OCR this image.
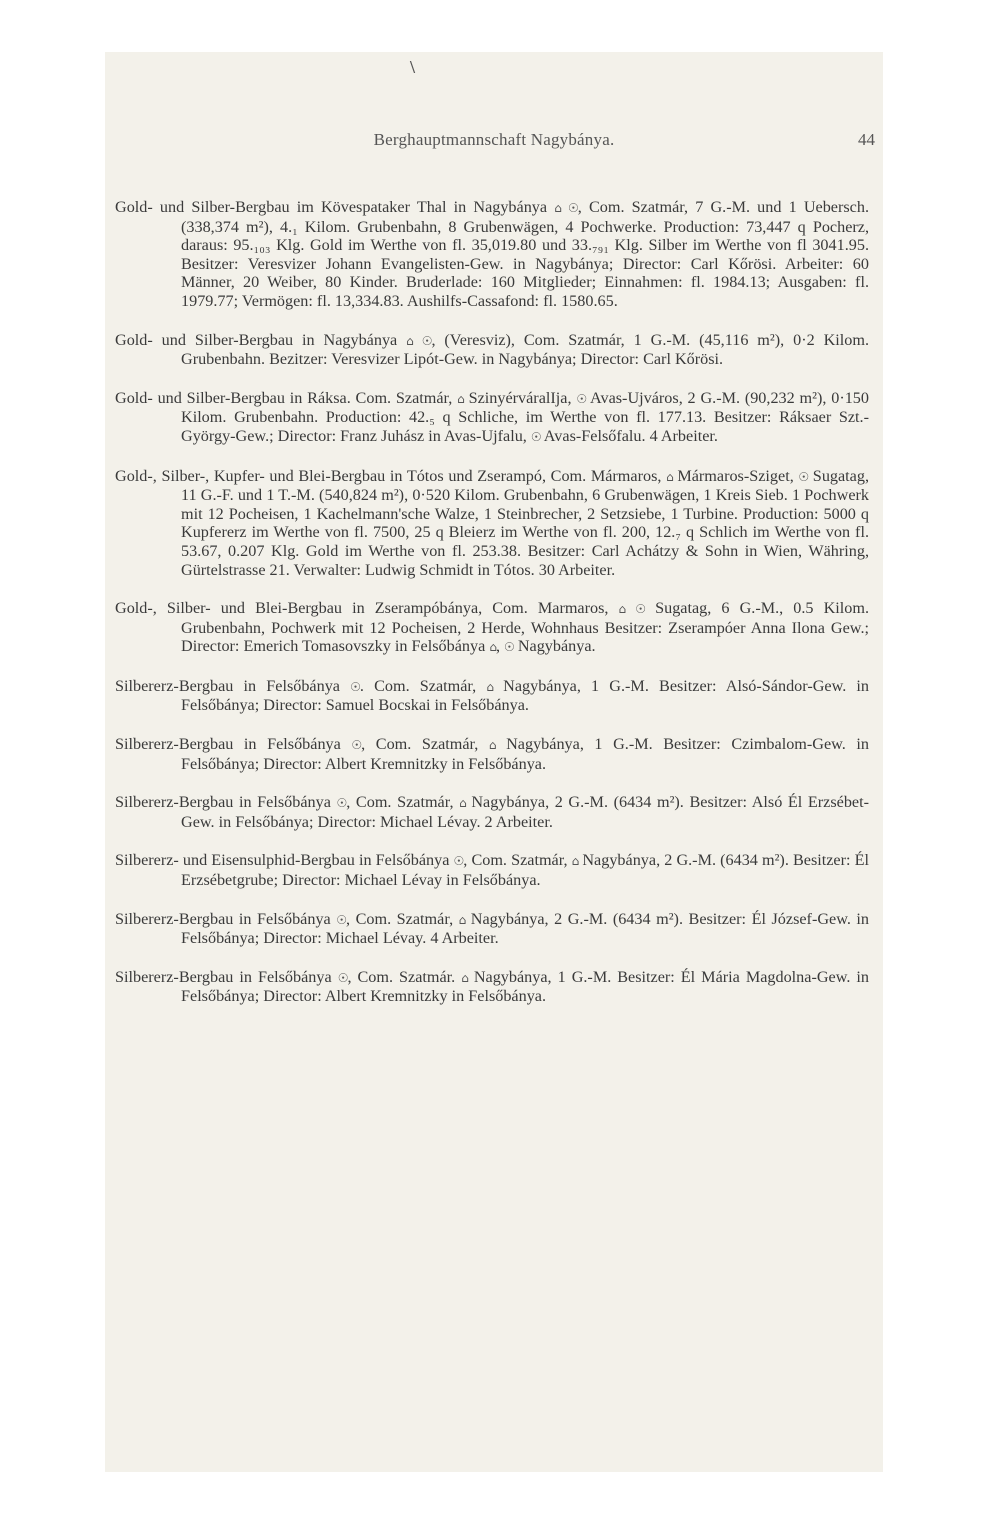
\
Berghauptmannschaft Nagybánya.	44

Gold- und Silber-Bergbau im Kövespataker Thal in Nagybánya ⌂ ☉, Com. Szatmár, 7 G.-M. und 1 Uebersch. (338,374 m²), 4.₁ Kilom. Grubenbahn, 8 Grubenwägen, 4 Pochwerke. Production: 73,447 q Pocherz, daraus: 95.₁₀₃ Klg. Gold im Werthe von fl. 35,019.80 und 33.₇₉₁ Klg. Silber im Werthe von fl 3041.95. Besitzer: Veresvizer Johann Evangelisten-Gew. in Nagybánya; Director: Carl Kőrösi. Arbeiter: 60 Männer, 20 Weiber, 80 Kinder. Bruderlade: 160 Mitglieder; Einnahmen: fl. 1984.13; Ausgaben: fl. 1979.77; Vermögen: fl. 13,334.83. Aushilfs-Cassafond: fl. 1580.65.

Gold- und Silber-Bergbau in Nagybánya ⌂ ☉, (Veresviz), Com. Szatmár, 1 G.-M. (45,116 m²), 0·2 Kilom. Grubenbahn. Bezitzer: Veresvizer Lipót-Gew. in Nagybánya; Director: Carl Kőrösi.

Gold- und Silber-Bergbau in Ráksa. Com. Szatmár, ⌂ SzinyérváralIja, ☉ Avas-Ujváros, 2 G.-M. (90,232 m²), 0·150 Kilom. Grubenbahn. Production: 42.₅ q Schliche, im Werthe von fl. 177.13. Besitzer: Ráksaer Szt.-György-Gew.; Director: Franz Juhász in Avas-Ujfalu, ☉ Avas-Felsőfalu. 4 Arbeiter.

Gold-, Silber-, Kupfer- und Blei-Bergbau in Tótos und Zserampó, Com. Mármaros, ⌂ Mármaros-Sziget, ☉ Sugatag, 11 G.-F. und 1 T.-M. (540,824 m²), 0·520 Kilom. Grubenbahn, 6 Grubenwägen, 1 Kreis Sieb. 1 Pochwerk mit 12 Pocheisen, 1 Kachelmann'sche Walze, 1 Steinbrecher, 2 Setzsiebe, 1 Turbine. Production: 5000 q Kupfererz im Werthe von fl. 7500, 25 q Bleierz im Werthe von fl. 200, 12.₇ q Schlich im Werthe von fl. 53.67, 0.207 Klg. Gold im Werthe von fl. 253.38. Besitzer: Carl Achátzy & Sohn in Wien, Währing, Gürtelstrasse 21. Verwalter: Ludwig Schmidt in Tótos. 30 Arbeiter.

Gold-, Silber- und Blei-Bergbau in Zserampóbánya, Com. Marmaros, ⌂ ☉ Sugatag, 6 G.-M., 0.5 Kilom. Grubenbahn, Pochwerk mit 12 Pocheisen, 2 Herde, Wohnhaus Besitzer: Zserampóer Anna Ilona Gew.; Director: Emerich Tomasovszky in Felsőbánya ⌂, ☉ Nagybánya.

Silbererz-Bergbau in Felsőbánya ☉. Com. Szatmár, ⌂ Nagybánya, 1 G.-M. Besitzer: Alsó-Sándor-Gew. in Felsőbánya; Director: Samuel Bocskai in Felsőbánya.

Silbererz-Bergbau in Felsőbánya ☉, Com. Szatmár, ⌂ Nagybánya, 1 G.-M. Besitzer: Czimbalom-Gew. in Felsőbánya; Director: Albert Kremnitzky in Felsőbánya.

Silbererz-Bergbau in Felsőbánya ☉, Com. Szatmár, ⌂ Nagybánya, 2 G.-M. (6434 m²). Besitzer: Alsó Él Erzsébet-Gew. in Felsőbánya; Director: Michael Lévay. 2 Arbeiter.

Silbererz- und Eisensulphid-Bergbau in Felsőbánya ☉, Com. Szatmár, ⌂ Nagybánya, 2 G.-M. (6434 m²). Besitzer: Él Erzsébetgrube; Director: Michael Lévay in Felsőbánya.

Silbererz-Bergbau in Felsőbánya ☉, Com. Szatmár, ⌂ Nagybánya, 2 G.-M. (6434 m²). Besitzer: Él József-Gew. in Felsőbánya; Director: Michael Lévay. 4 Arbeiter.

Silbererz-Bergbau in Felsőbánya ☉, Com. Szatmár. ⌂ Nagybánya, 1 G.-M. Besitzer: Él Mária Magdolna-Gew. in Felsőbánya; Director: Albert Kremnitzky in Felsőbánya.
